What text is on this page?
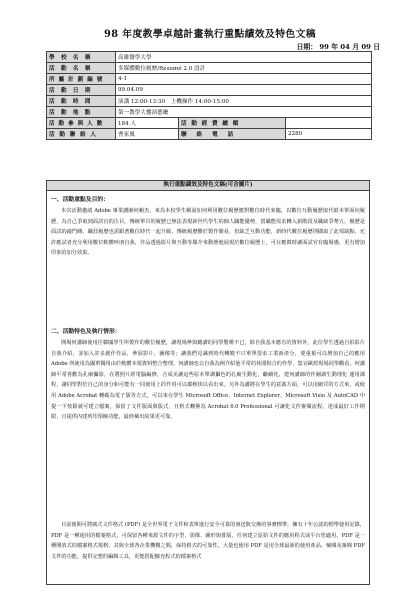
98 年度教學卓越計畫執行重點績效及特色文稿
日期： 99 年 04 月 09 日
學 校 名 稱	高雄醫學大學		
活 動 名 稱	多媒體數位履歷/Résumé 2.0 設計		
所 屬 計 劃 編 號	4-1		
活 動 日 期	99.04.09		
活 動 時 間	演講 12:00-13:30　上機操作 14:00-15:00		
活 動 地 點	第一教學大樓演藝廳		
活 動 參 與 人 數	184 人	活 動 經 費 總 額	
活 動 聯 絡 人	曹家鳳	聯 絡 電 話	2280
執行重點績效及特色文稿(可含圖片)
一、活動重點及目的：

本次活動邀請 Adobe 專業講師何賴杰，來為本校學生解說如何利用數位履歷應對數位時代來臨，以數位互動履歷取代紙本單面向履歷，為自己爭取到面試官的注目。傳統單頁的履歷已無法表現新世代學生的個人職能優勢，當職能需求轉入新階段及職缺爭奪五，履歷是面試的敲門磚。職涯履歷也需跟著數位時代一起升級，傳統履歷難於製作簡易，但缺乏互動功能，新時代數位履歷則擷取了此項缺點，允許應試者充分利用數位軟體呼朋自我，作品透過影片與互動等媒介來動態地展現於數位履歷上，可在應徵時讓面試官有臨場感，更有增加印象的加分效果。

二、活動特色及執行情形：

開場何講師使用往韓國學生所製作的數位履歷，讓現場參與聽講的同學驚嘆不已，除自我基本應有的資料外，此位學生透過自拍影片自我介紹，並加入許多創作作品，參展影片，圖像等；讓我們見識到時代轉變不只單單要求工業新產分，要重視可以增加自己的應用 Adobe 所使用為國單獨用由於軟體本領資料整合整理。何講師也以自我為例介紹他平常的休閒相合的作學，集宜歐經現場同學觀看，何講師平常喜歡為孔廟攝影，在將照片經電腦編修，合成美讓這些原本單調攝色的孔廟生動化，繼續化，建何講師的作圖讀生動理化 運用課程，讓同學對於自己的身分和可能有一同使用上的作用可以都輕快以看出來。另外為講將在學生的意義方面，可以用網頁的方式來，或使用 Adobe Acrobat 轉碼為電子版等方式，可以來在學生 Microsoft Office、Internet Explorer、Microsoft Visio 及 AutoCAD 中提一下按鈕就可建立檔案，保留了文件版面與版式，且格式轉換為 Acrobat 6.0 Professional 可讓化文件審閱流程，達成最好工作期限，且提供內建列印預檢功能，最終檢出結果更可靠。

目前後期可將廣式文件格式 (PDF) 是全世界電子文件和表單進行安全可靠的發送與交換的事實標準，擁有十年公認的標準使用記錄，PDF 是一種通用的檔案格式，可保留各種來源文件的字型、影像、圖形與排版，任何建立原始文件的應用程式或平台皆適用。PDF 是一種開放式的檔案格式規格，其與全球各企業機構之間，保持格式的可靠性。大量也使用 PDF 是用全球最新的使用產品，檢閱及審閱 PDF 文件的功能，提供完整的編輯工具，更能搭配擴充程式的檔案格式
